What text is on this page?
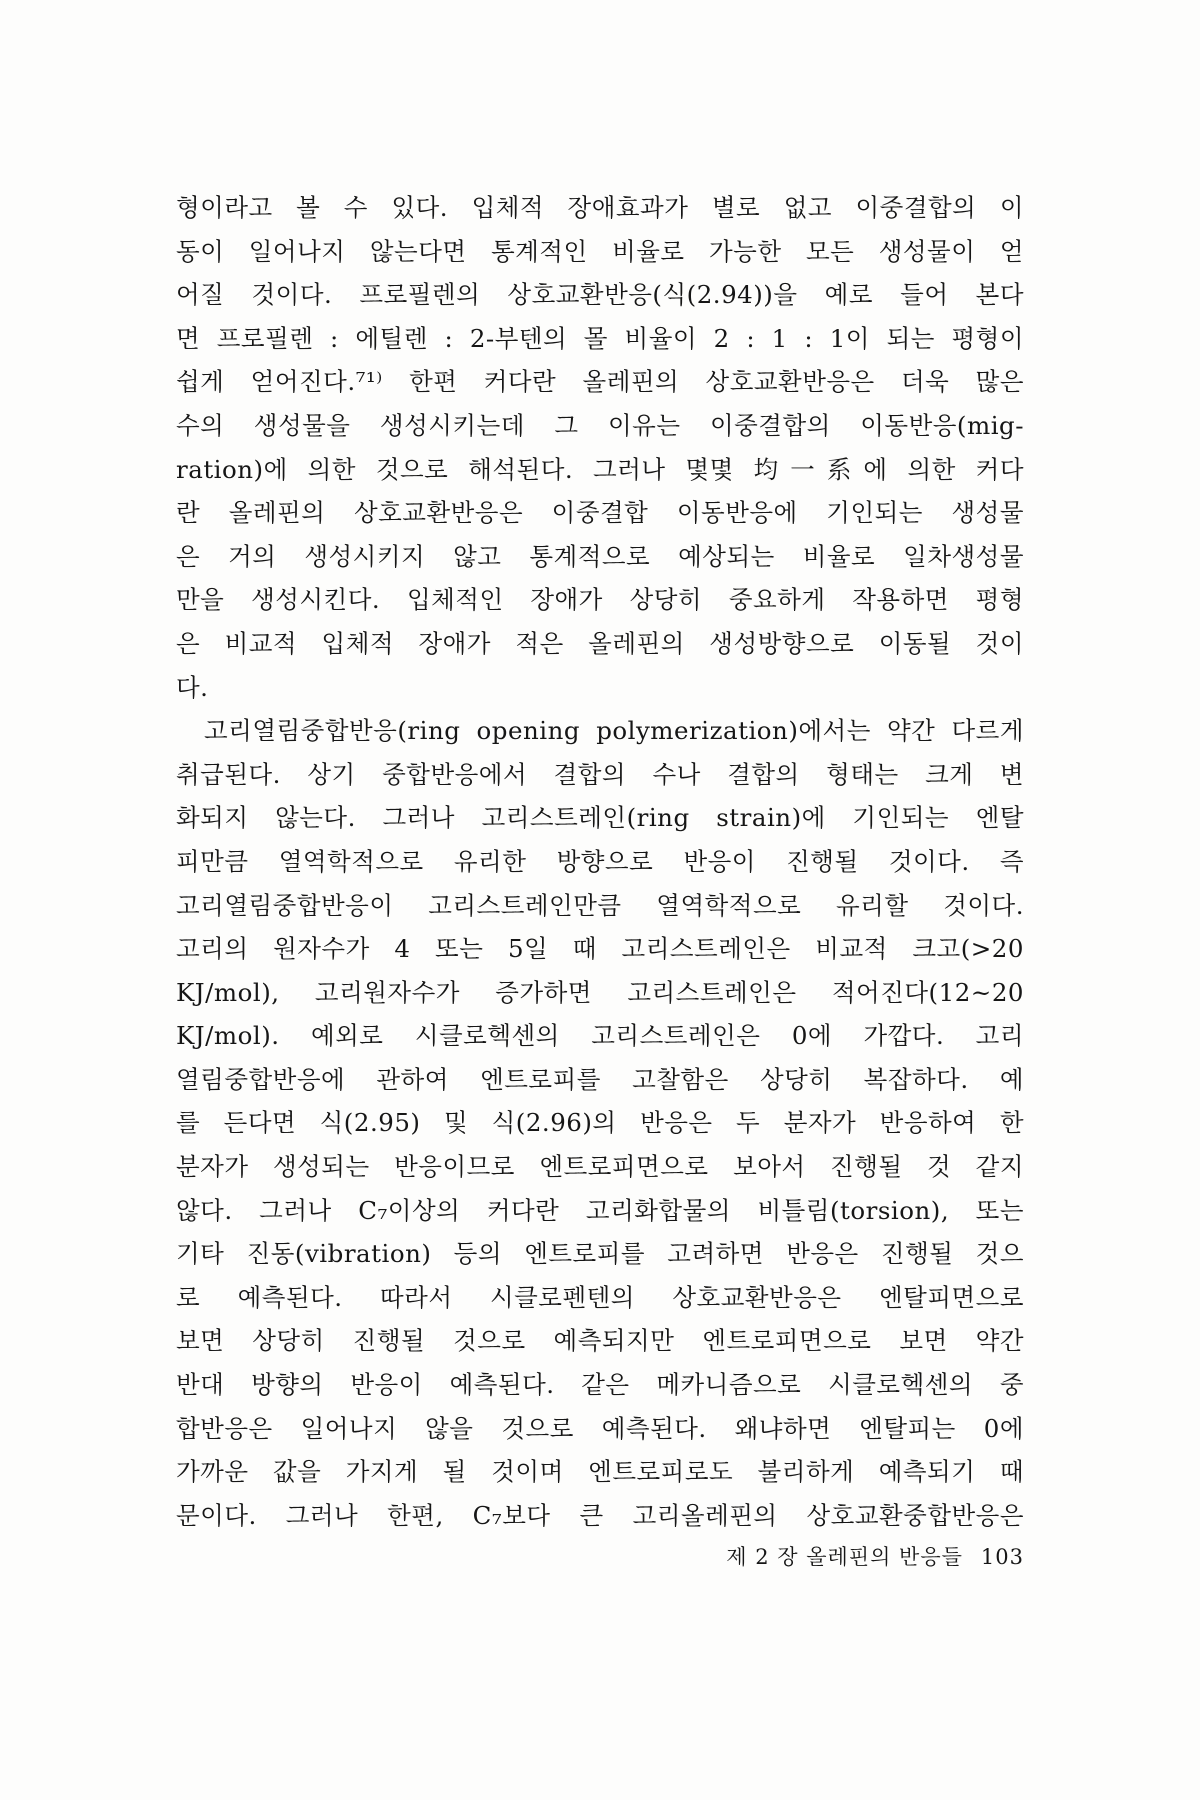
형이라고 볼 수 있다. 입체적 장애효과가 별로 없고 이중결합의 이
동이 일어나지 않는다면 통계적인 비율로 가능한 모든 생성물이 얻
어질 것이다. 프로필렌의 상호교환반응(식(2.94))을 예로 들어 본다
면 프로필렌 : 에틸렌 : 2-부텐의 몰 비율이 2 : 1 : 1이 되는 평형이
쉽게 얻어진다.⁷¹⁾ 한편 커다란 올레핀의 상호교환반응은 더욱 많은
수의 생성물을 생성시키는데 그 이유는 이중결합의 이동반응(mig-
ration)에 의한 것으로 해석된다. 그러나 몇몇 均一系에 의한 커다
란 올레핀의 상호교환반응은 이중결합 이동반응에 기인되는 생성물
은 거의 생성시키지 않고 통계적으로 예상되는 비율로 일차생성물
만을 생성시킨다. 입체적인 장애가 상당히 중요하게 작용하면 평형
은 비교적 입체적 장애가 적은 올레핀의 생성방향으로 이동될 것이
다.
고리열림중합반응(ring opening polymerization)에서는 약간 다르게
취급된다. 상기 중합반응에서 결합의 수나 결합의 형태는 크게 변
화되지 않는다. 그러나 고리스트레인(ring strain)에 기인되는 엔탈
피만큼 열역학적으로 유리한 방향으로 반응이 진행될 것이다. 즉
고리열림중합반응이 고리스트레인만큼 열역학적으로 유리할 것이다.
고리의 원자수가 4 또는 5일 때 고리스트레인은 비교적 크고(>20
KJ/mol), 고리원자수가 증가하면 고리스트레인은 적어진다(12~20
KJ/mol). 예외로 시클로헥센의 고리스트레인은 0에 가깝다. 고리
열림중합반응에 관하여 엔트로피를 고찰함은 상당히 복잡하다. 예
를 든다면 식(2.95) 및 식(2.96)의 반응은 두 분자가 반응하여 한
분자가 생성되는 반응이므로 엔트로피면으로 보아서 진행될 것 같지
않다. 그러나 C₇이상의 커다란 고리화합물의 비틀림(torsion), 또는
기타 진동(vibration) 등의 엔트로피를 고려하면 반응은 진행될 것으
로 예측된다. 따라서 시클로펜텐의 상호교환반응은 엔탈피면으로
보면 상당히 진행될 것으로 예측되지만 엔트로피면으로 보면 약간
반대 방향의 반응이 예측된다. 같은 메카니즘으로 시클로헥센의 중
합반응은 일어나지 않을 것으로 예측된다. 왜냐하면 엔탈피는 0에
가까운 값을 가지게 될 것이며 엔트로피로도 불리하게 예측되기 때
문이다. 그러나 한편, C₇보다 큰 고리올레핀의 상호교환중합반응은
제 2 장 올레핀의 반응들 103
